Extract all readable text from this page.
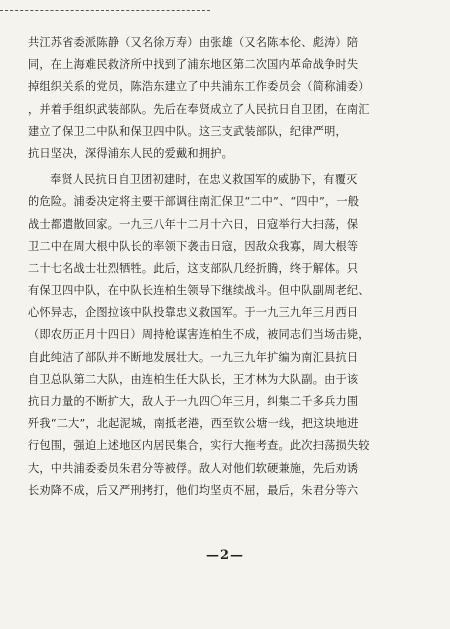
共江苏省委派陈静（又名徐万寿）由张雄（又名陈本伦、彪涛）陪
同，在上海难民救济所中找到了浦东地区第二次国内革命战争时失
掉组织关系的党员，陈浩东建立了中共浦东工作委员会（简称浦委）
，并着手组织武装部队。先后在奉贤成立了人民抗日自卫团，在南汇
建立了保卫二中队和保卫四中队。这三支武装部队，纪律严明，
抗日坚决，深得浦东人民的爱戴和拥护。
奉贤人民抗日自卫团初建时，在忠义救国军的威胁下，有覆灭
的危险。浦委决定将主要干部调往南汇保卫“二中”、“四中”，一般
战士都遣散回家。一九三八年十二月十六日，日寇举行大扫荡，保
卫二中在周大根中队长的率领下袭击日寇，因敌众我寡，周大根等
二十七名战士壮烈牺牲。此后，这支部队几经折腾，终于解体。只
有保卫四中队，在中队长连柏生领导下继续战斗。但中队副周老纪、
心怀异志，企图拉该中队投靠忠义救国军。于一九三九年三月西日
（即农历正月十四日）周持枪谋害连柏生不成，被同志们当场击毙，
自此纯洁了部队并不断地发展壮大。一九三九年扩编为南汇县抗日
自卫总队第二大队，由连柏生任大队长，王才林为大队副。由于该
抗日力量的不断扩大，敌人于一九四〇年三月，纠集二千多兵力围
歼我“二大”，北起泥城，南抵老港，西至钦公塘一线，把这块地进
行包围，强迫上述地区内居民集合，实行大拖考查。此次扫荡损失较
大，中共浦委委员朱君分等被俘。敌人对他们软硬兼施，先后劝诱
长劝降不成，后又严刑拷打，他们均坚贞不屈，最后，朱君分等六
—2—
